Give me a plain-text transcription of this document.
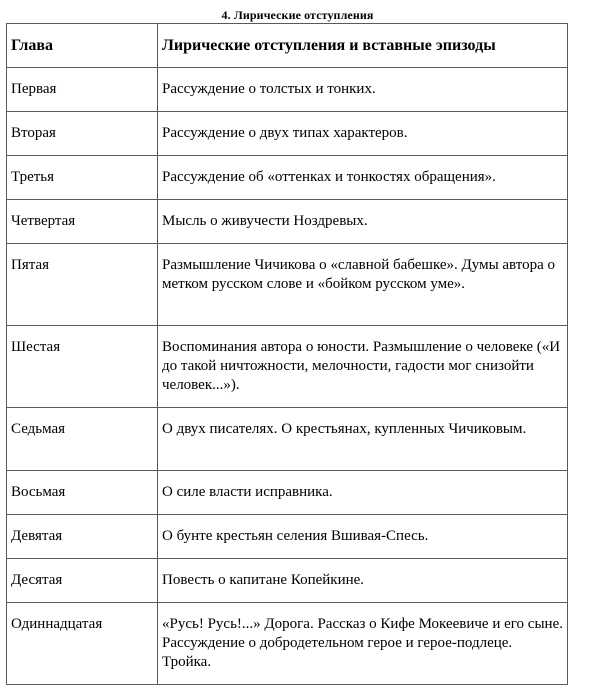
4. Лирические отступления
Глава	Лирические отступления и вставные эпизоды
Первая	Рассуждение о толстых и тонких.
Вторая	Рассуждение о двух типах характеров.
Третья	Рассуждение об «оттенках и тонкостях обращения».
Четвертая	Мысль о живучести Ноздревых.
Пятая	Размышление Чичикова о «славной бабешке». Думы автора о метком русском слове и «бойком русском уме».
Шестая	Воспоминания автора о юности. Размышление о человеке («И до такой ничтожности, мелочности, гадости мог снизойти человек...»).
Седьмая	О двух писателях. О крестьянах, купленных Чичиковым.
Восьмая	О силе власти исправника.
Девятая	О бунте крестьян селения Вшивая-Спесь.
Десятая	Повесть о капитане Копейкине.
Одиннадцатая	«Русь! Русь!...» Дорога. Рассказ о Кифе Мокеевиче и его сыне. Рассуждение о добродетельном герое и герое-подлеце. Тройка.
